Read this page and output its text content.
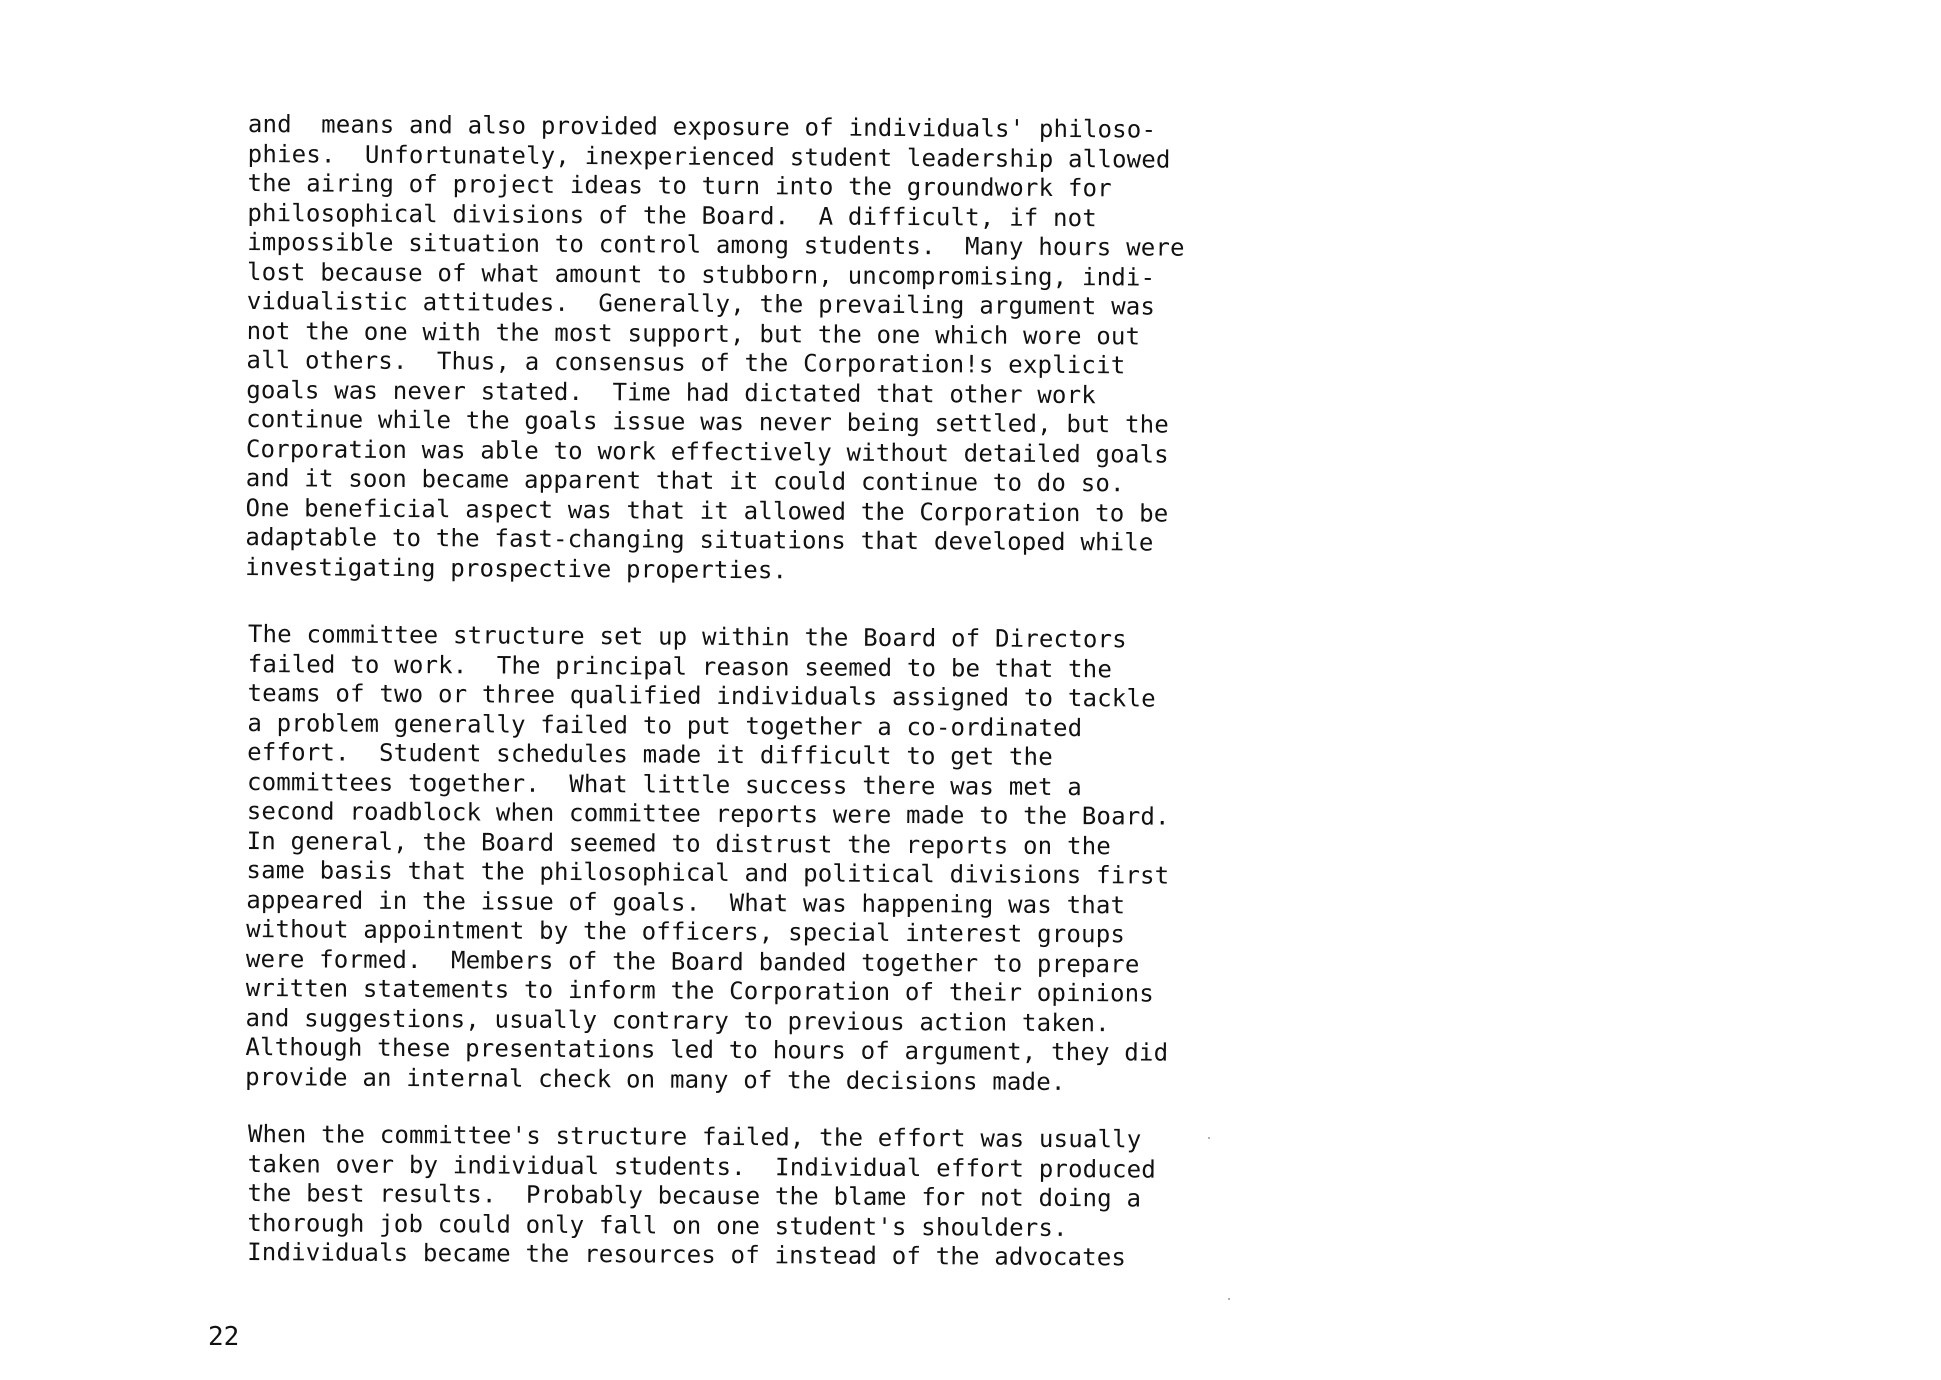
and  means and also provided exposure of individuals' philoso-
phies.  Unfortunately, inexperienced student leadership allowed
the airing of project ideas to turn into the groundwork for
philosophical divisions of the Board.  A difficult, if not
impossible situation to control among students.  Many hours were
lost because of what amount to stubborn, uncompromising, indi-
vidualistic attitudes.  Generally, the prevailing argument was
not the one with the most support, but the one which wore out
all others.  Thus, a consensus of the Corporation!s explicit
goals was never stated.  Time had dictated that other work
continue while the goals issue was never being settled, but the
Corporation was able to work effectively without detailed goals
and it soon became apparent that it could continue to do so.
One beneficial aspect was that it allowed the Corporation to be
adaptable to the fast-changing situations that developed while
investigating prospective properties.

The committee structure set up within the Board of Directors
failed to work.  The principal reason seemed to be that the
teams of two or three qualified individuals assigned to tackle
a problem generally failed to put together a co-ordinated
effort.  Student schedules made it difficult to get the
committees together.  What little success there was met a
second roadblock when committee reports were made to the Board.
In general, the Board seemed to distrust the reports on the
same basis that the philosophical and political divisions first
appeared in the issue of goals.  What was happening was that
without appointment by the officers, special interest groups
were formed.  Members of the Board banded together to prepare
written statements to inform the Corporation of their opinions
and suggestions, usually contrary to previous action taken.
Although these presentations led to hours of argument, they did
provide an internal check on many of the decisions made.

When the committee's structure failed, the effort was usually
taken over by individual students.  Individual effort produced
the best results.  Probably because the blame for not doing a
thorough job could only fall on one student's shoulders.
Individuals became the resources of instead of the advocates

22
